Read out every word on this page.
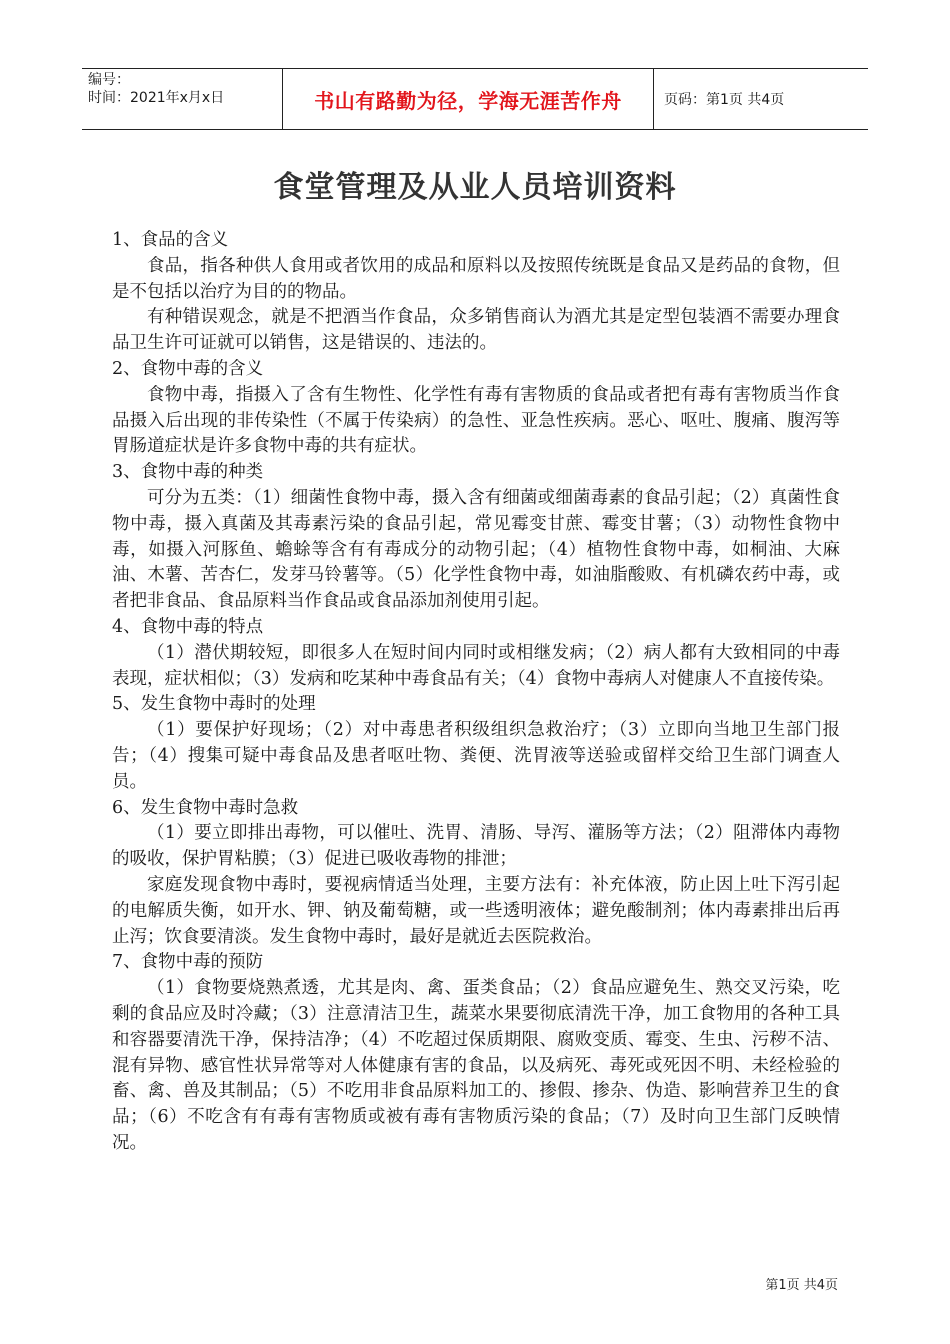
编号：
时间：2021年x月x日	书山有路勤为径，学海无涯苦作舟	页码：第1页 共4页
食堂管理及从业人员培训资料
1、食品的含义

食品，指各种供人食用或者饮用的成品和原料以及按照传统既是食品又是药品的食物，但是不包括以治疗为目的的物品。

有种错误观念，就是不把酒当作食品，众多销售商认为酒尤其是定型包装酒不需要办理食品卫生许可证就可以销售，这是错误的、违法的。

2、食物中毒的含义

食物中毒，指摄入了含有生物性、化学性有毒有害物质的食品或者把有毒有害物质当作食品摄入后出现的非传染性（不属于传染病）的急性、亚急性疾病。恶心、呕吐、腹痛、腹泻等胃肠道症状是许多食物中毒的共有症状。

3、食物中毒的种类

可分为五类：（1）细菌性食物中毒，摄入含有细菌或细菌毒素的食品引起；（2）真菌性食物中毒，摄入真菌及其毒素污染的食品引起，常见霉变甘蔗、霉变甘薯；（3）动物性食物中毒，如摄入河豚鱼、蟾蜍等含有有毒成分的动物引起；（4）植物性食物中毒，如桐油、大麻油、木薯、苦杏仁，发芽马铃薯等。（5）化学性食物中毒，如油脂酸败、有机磷农药中毒，或者把非食品、食品原料当作食品或食品添加剂使用引起。

4、食物中毒的特点

（1）潜伏期较短，即很多人在短时间内同时或相继发病；（2）病人都有大致相同的中毒表现，症状相似；（3）发病和吃某种中毒食品有关；（4）食物中毒病人对健康人不直接传染。

5、发生食物中毒时的处理

（1）要保护好现场；（2）对中毒患者积级组织急救治疗；（3）立即向当地卫生部门报告；（4）搜集可疑中毒食品及患者呕吐物、粪便、洗胃液等送验或留样交给卫生部门调查人员。

6、发生食物中毒时急救

（1）要立即排出毒物，可以催吐、洗胃、清肠、导泻、灌肠等方法；（2）阻滞体内毒物的吸收，保护胃粘膜；（3）促进已吸收毒物的排泄；

家庭发现食物中毒时，要视病情适当处理，主要方法有：补充体液，防止因上吐下泻引起的电解质失衡，如开水、钾、钠及葡萄糖，或一些透明液体；避免酸制剂；体内毒素排出后再止泻；饮食要清淡。发生食物中毒时，最好是就近去医院救治。

7、食物中毒的预防

（1）食物要烧熟煮透，尤其是肉、禽、蛋类食品；（2）食品应避免生、熟交叉污染，吃剩的食品应及时冷藏；（3）注意清洁卫生，蔬菜水果要彻底清洗干净，加工食物用的各种工具和容器要清洗干净，保持洁净；（4）不吃超过保质期限、腐败变质、霉变、生虫、污秽不洁、混有异物、感官性状异常等对人体健康有害的食品，以及病死、毒死或死因不明、未经检验的畜、禽、兽及其制品；（5）不吃用非食品原料加工的、掺假、掺杂、伪造、影响营养卫生的食品；（6）不吃含有有毒有害物质或被有毒有害物质污染的食品；（7）及时向卫生部门反映情况。

第1页 共4页
